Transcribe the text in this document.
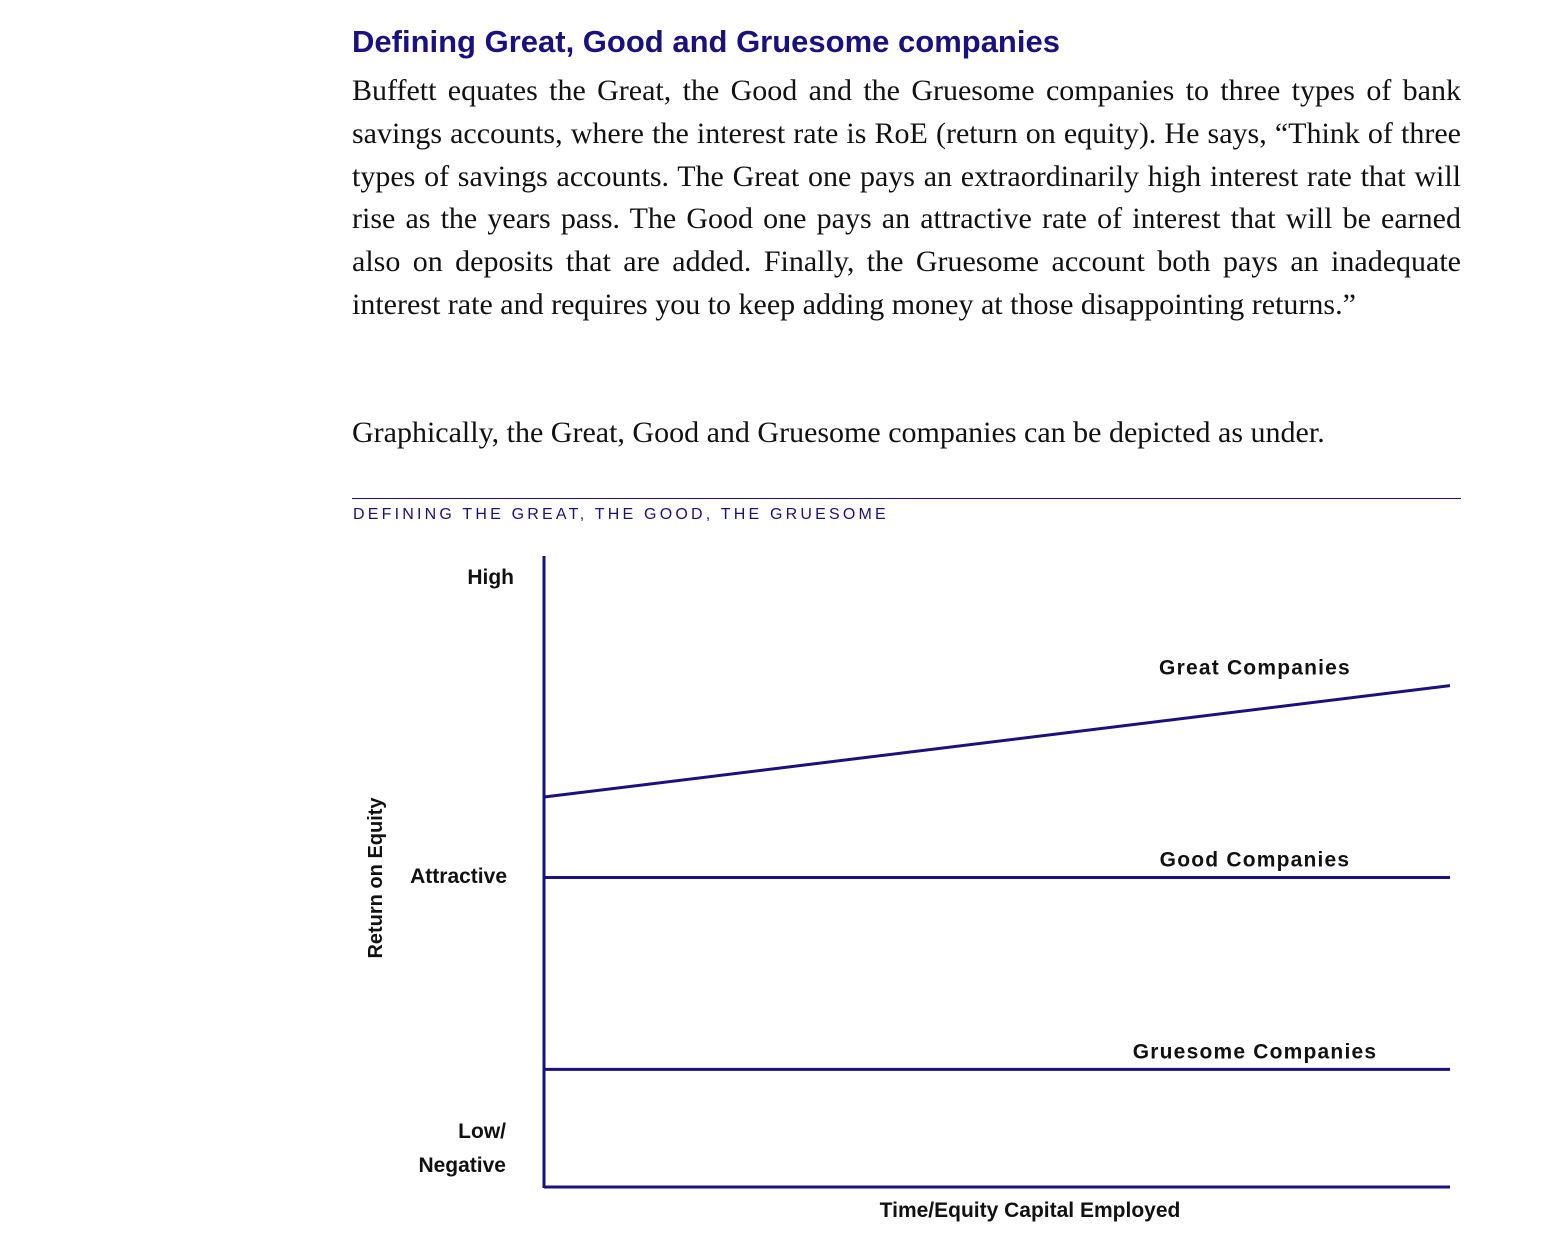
Defining Great, Good and Gruesome companies

Buffett equates the Great, the Good and the Gruesome companies to three types of bank savings accounts, where the interest rate is RoE (return on equity). He says, “Think of three types of savings accounts. The Great one pays an extraordinarily high interest rate that will rise as the years pass. The Good one pays an attractive rate of interest that will be earned also on deposits that are added. Finally, the Gruesome account both pays an inadequate interest rate and requires you to keep adding money at those disappointing returns.”

Graphically, the Great, Good and Gruesome companies can be depicted as under.

DEFINING THE GREAT, THE GOOD, THE GRUESOME
High
Attractive
Low/
Negative
Return on Equity
Time/Equity Capital Employed
Great Companies
Good Companies
Gruesome Companies
